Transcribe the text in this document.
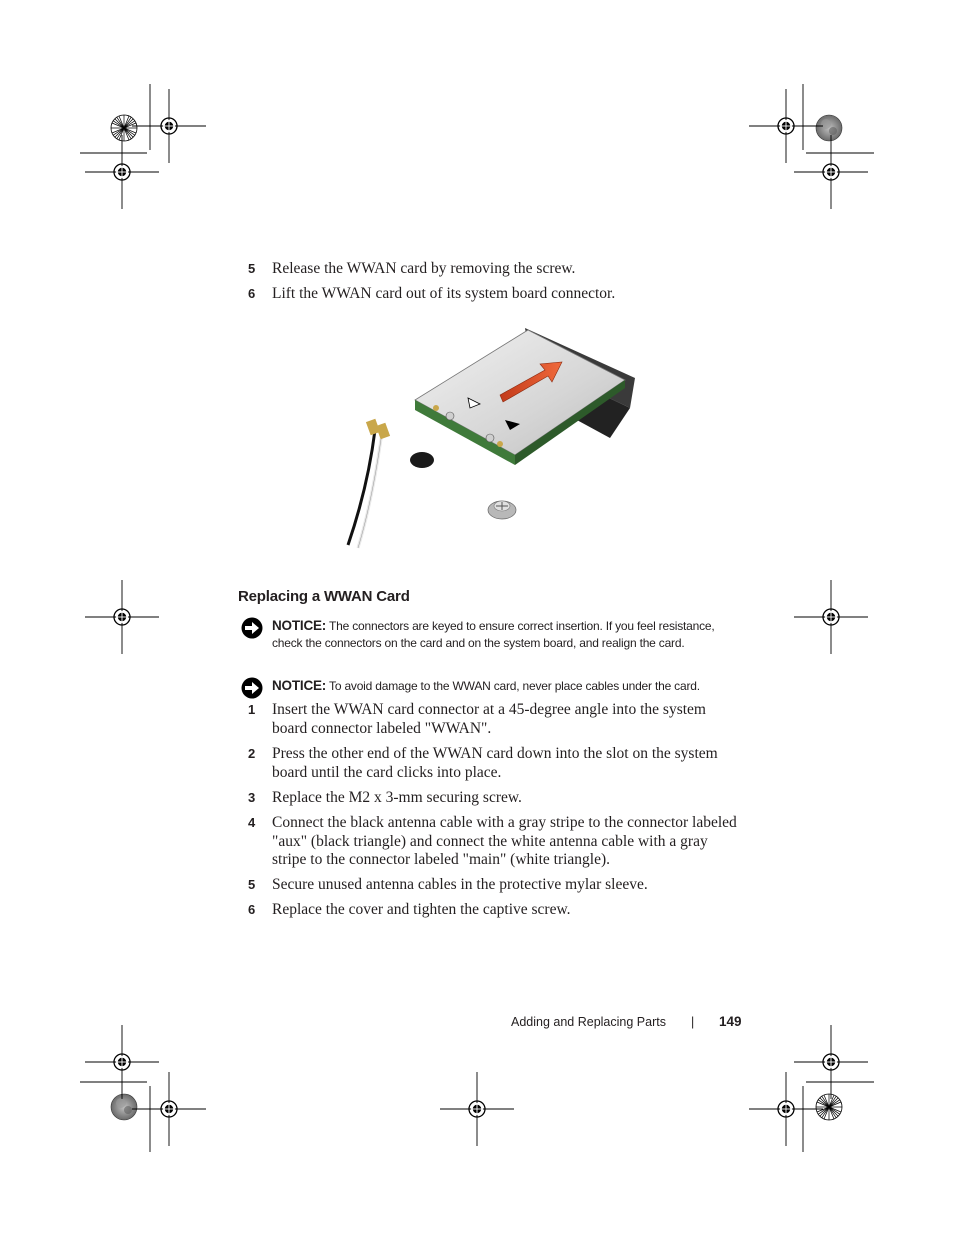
5 Release the WWAN card by removing the screw.
6 Lift the WWAN card out of its system board connector.
Replacing a WWAN Card
NOTICE: The connectors are keyed to ensure correct insertion. If you feel resistance, check the connectors on the card and on the system board, and realign the card.
NOTICE: To avoid damage to the WWAN card, never place cables under the card.
1 Insert the WWAN card connector at a 45-degree angle into the system board connector labeled "WWAN".
2 Press the other end of the WWAN card down into the slot on the system board until the card clicks into place.
3 Replace the M2 x 3-mm securing screw.
4 Connect the black antenna cable with a gray stripe to the connector labeled "aux" (black triangle) and connect the white antenna cable with a gray stripe to the connector labeled "main" (white triangle).
5 Secure unused antenna cables in the protective mylar sleeve.
6 Replace the cover and tighten the captive screw.
Adding and Replacing Parts | 149
